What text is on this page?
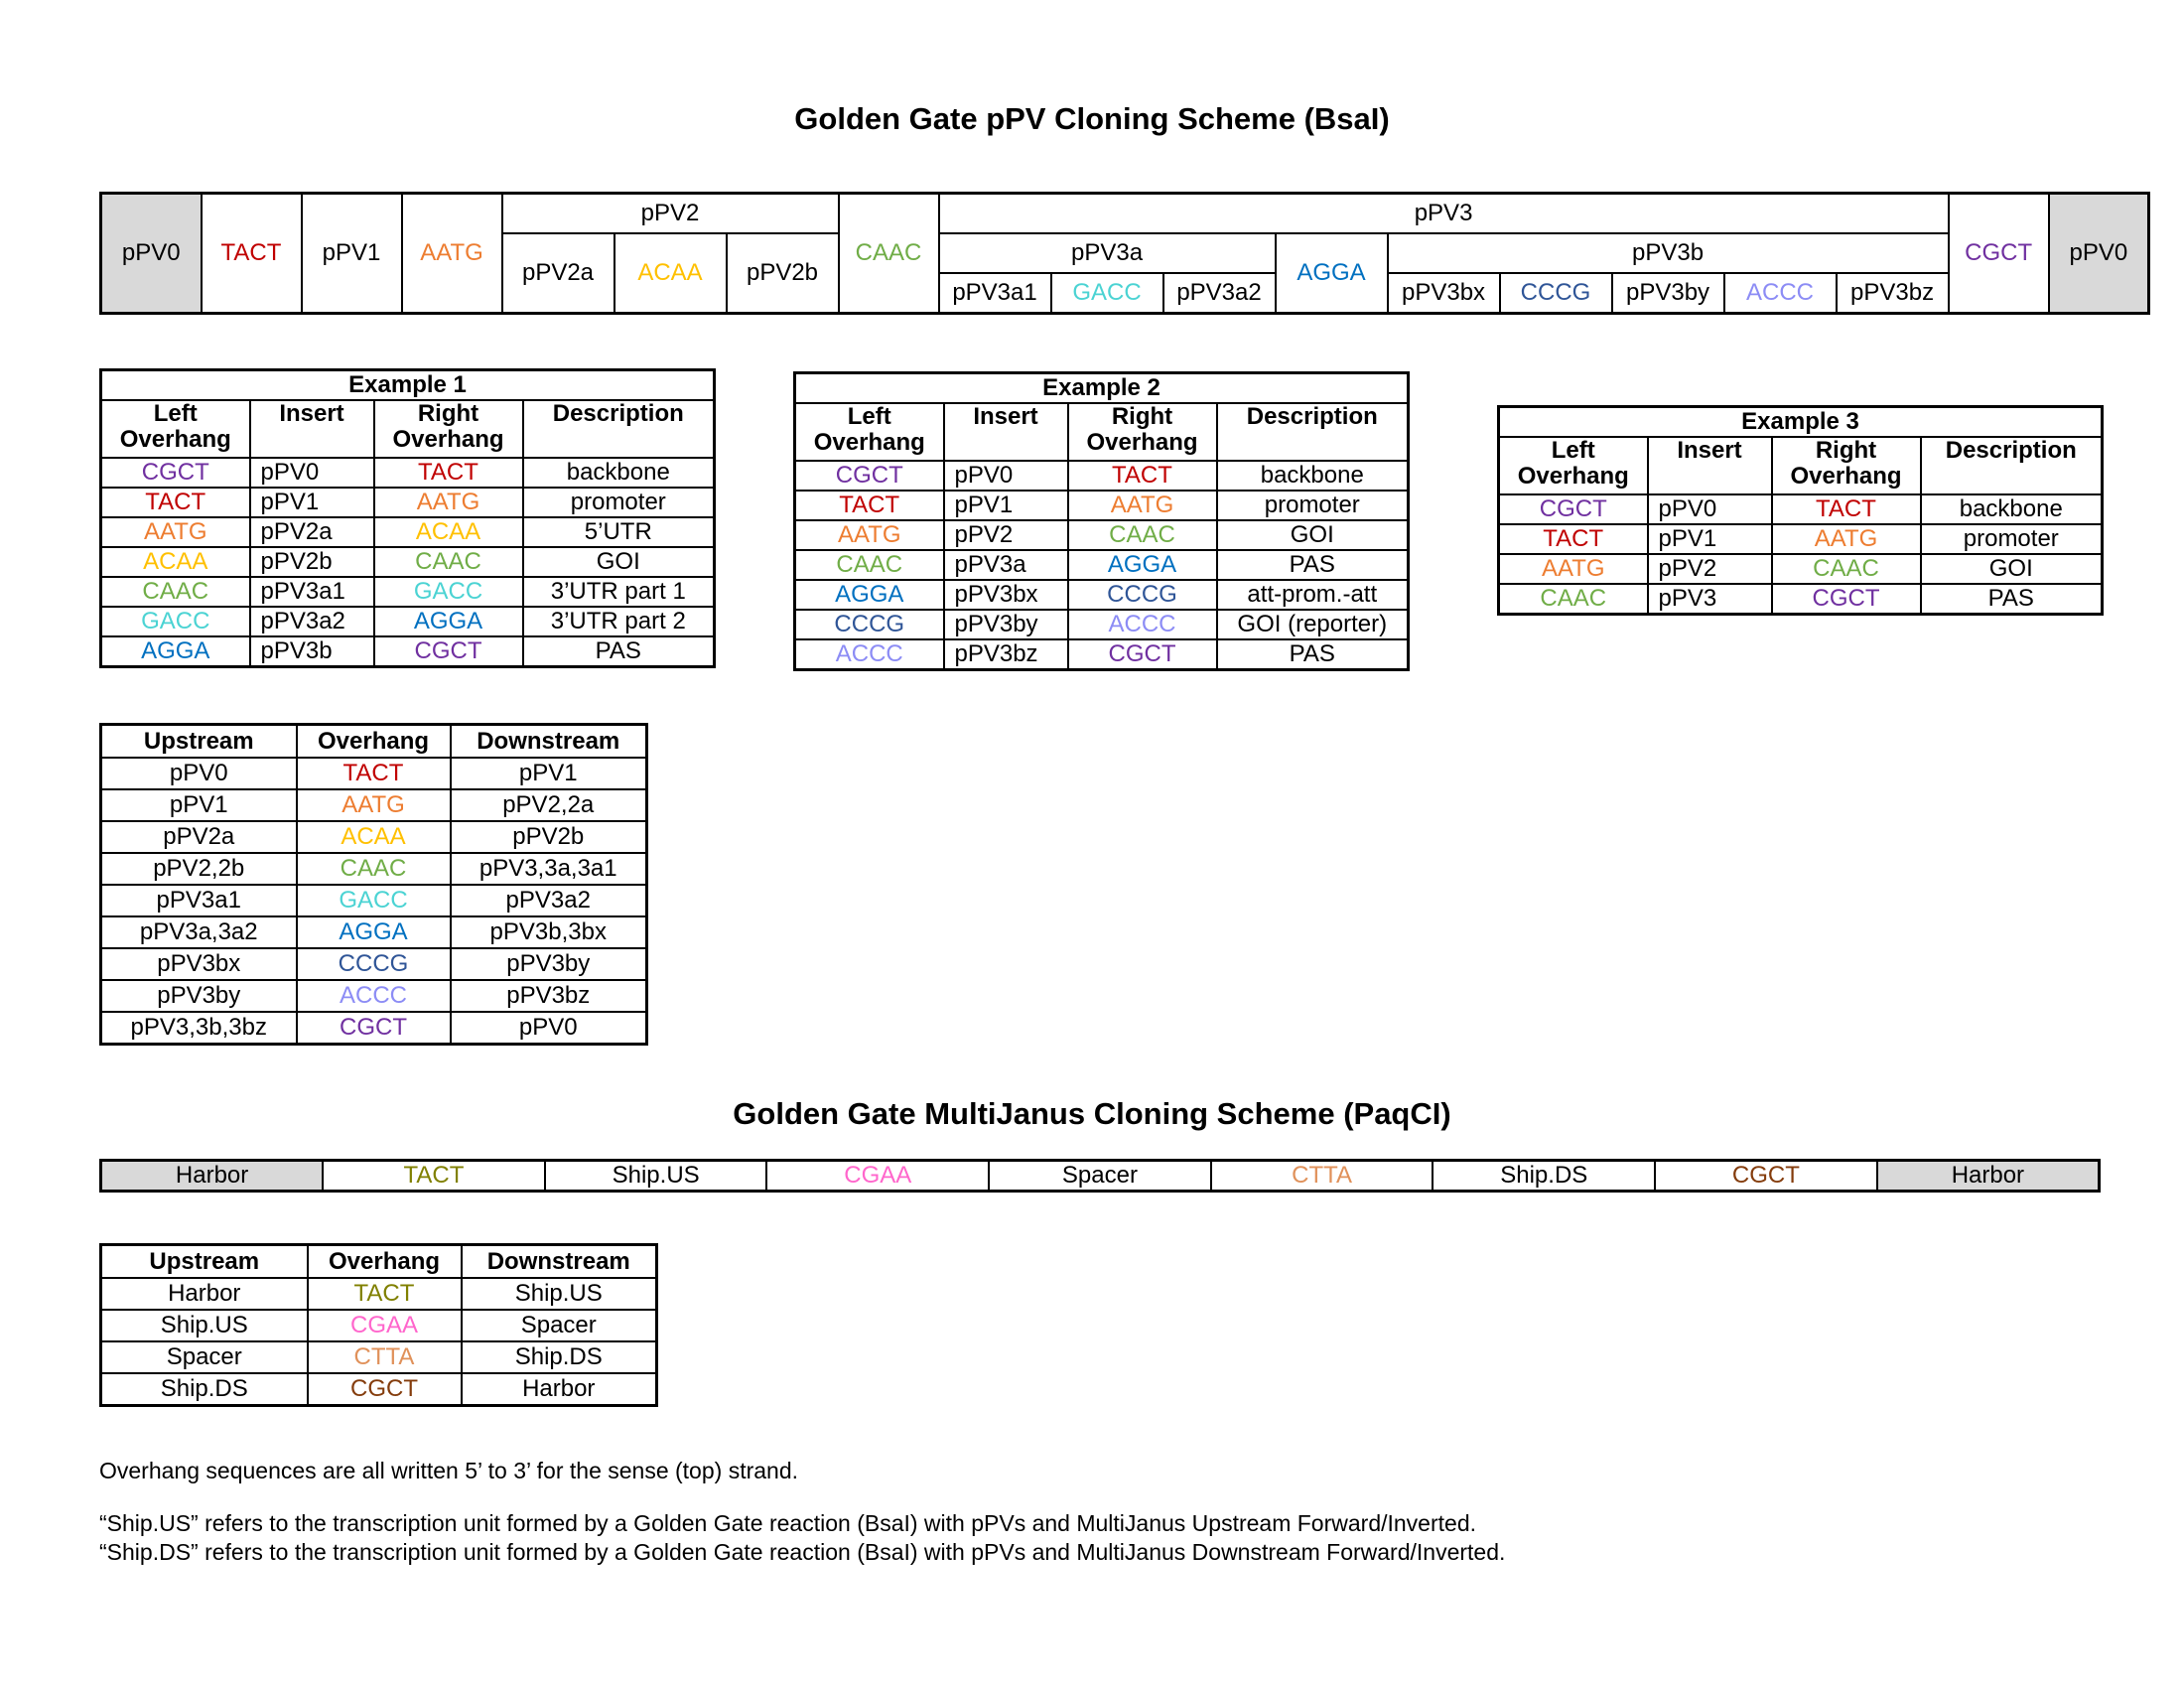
Golden Gate pPV Cloning Scheme (BsaI)
pPV0	TACT	pPV1	AATG	pPV2			CAAC	pPV3									CGCT	pPV0
				pPV2a	ACAA	pPV2b		pPV3a			AGGA	pPV3b						
								pPV3a1	GACC	pPV3a2		pPV3bx	CCCG	pPV3by	ACCC	pPV3bz		
Example 1			
Left Overhang	Insert	Right Overhang	Description
CGCT	pPV0	TACT	backbone
TACT	pPV1	AATG	promoter
AATG	pPV2a	ACAA	5’UTR
ACAA	pPV2b	CAAC	GOI
CAAC	pPV3a1	GACC	3’UTR part 1
GACC	pPV3a2	AGGA	3’UTR part 2
AGGA	pPV3b	CGCT	PAS
Example 2			
Left Overhang	Insert	Right Overhang	Description
CGCT	pPV0	TACT	backbone
TACT	pPV1	AATG	promoter
AATG	pPV2	CAAC	GOI
CAAC	pPV3a	AGGA	PAS
AGGA	pPV3bx	CCCG	att-prom.-att
CCCG	pPV3by	ACCC	GOI (reporter)
ACCC	pPV3bz	CGCT	PAS
Example 3			
Left Overhang	Insert	Right Overhang	Description
CGCT	pPV0	TACT	backbone
TACT	pPV1	AATG	promoter
AATG	pPV2	CAAC	GOI
CAAC	pPV3	CGCT	PAS
Upstream	Overhang	Downstream
pPV0	TACT	pPV1
pPV1	AATG	pPV2,2a
pPV2a	ACAA	pPV2b
pPV2,2b	CAAC	pPV3,3a,3a1
pPV3a1	GACC	pPV3a2
pPV3a,3a2	AGGA	pPV3b,3bx
pPV3bx	CCCG	pPV3by
pPV3by	ACCC	pPV3bz
pPV3,3b,3bz	CGCT	pPV0
Golden Gate MultiJanus Cloning Scheme (PaqCI)
Harbor	TACT	Ship.US	CGAA	Spacer	CTTA	Ship.DS	CGCT	Harbor
Upstream	Overhang	Downstream
Harbor	TACT	Ship.US
Ship.US	CGAA	Spacer
Spacer	CTTA	Ship.DS
Ship.DS	CGCT	Harbor
Overhang sequences are all written 5’ to 3’ for the sense (top) strand.
“Ship.US” refers to the transcription unit formed by a Golden Gate reaction (BsaI) with pPVs and MultiJanus Upstream Forward/Inverted.
“Ship.DS” refers to the transcription unit formed by a Golden Gate reaction (BsaI) with pPVs and MultiJanus Downstream Forward/Inverted.
